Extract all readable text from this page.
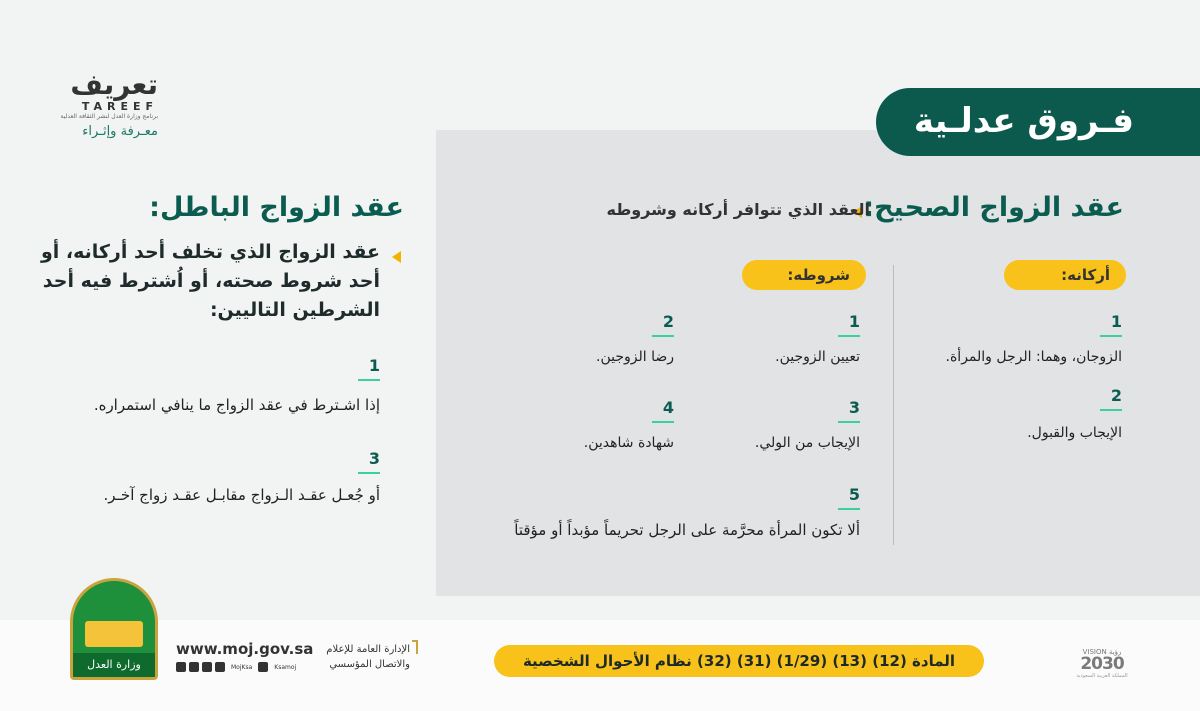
تعريف
TAREEF
برنامج وزارة العدل لنشر الثقافة العدلية
معـرفة وإثـراء	فـروق عدلـية
عقد الزواج الصحيح:
العقد الذي تتوافر أركانه وشروطه
أركانه:
شروطه:
1
الزوجان، وهما: الرجل والمرأة.
2
الإيجاب والقبول.
1
تعيين الزوجين.
2
رضا الزوجين.
3
الإيجاب من الولي.
4
شهادة شاهدين.
5
ألا تكون المرأة محرَّمة على الرجل تحريماً مؤبداً أو مؤقتاً
عقد الزواج الباطل:
عقد الزواج الذي تخلف أحد أركانه، أو أحد شروط صحته، أو اُشترط فيه أحد الشرطين التاليين:
1
إذا اشـترط في عقد الزواج ما ينافي استمراره.
3
أو جُعـل عقـد الـزواج مقابـل عقـد زواج آخـر.
وزارة العدل
www.moj.gov.sa
MojKsa	Ksamoj
الإدارة العامة للإعلام والاتصال المؤسسي	المادة (12) (13) (1/29) (31) (32) نظام الأحوال الشخصية	VISION رؤية
2030
المملكة العربية السعودية
